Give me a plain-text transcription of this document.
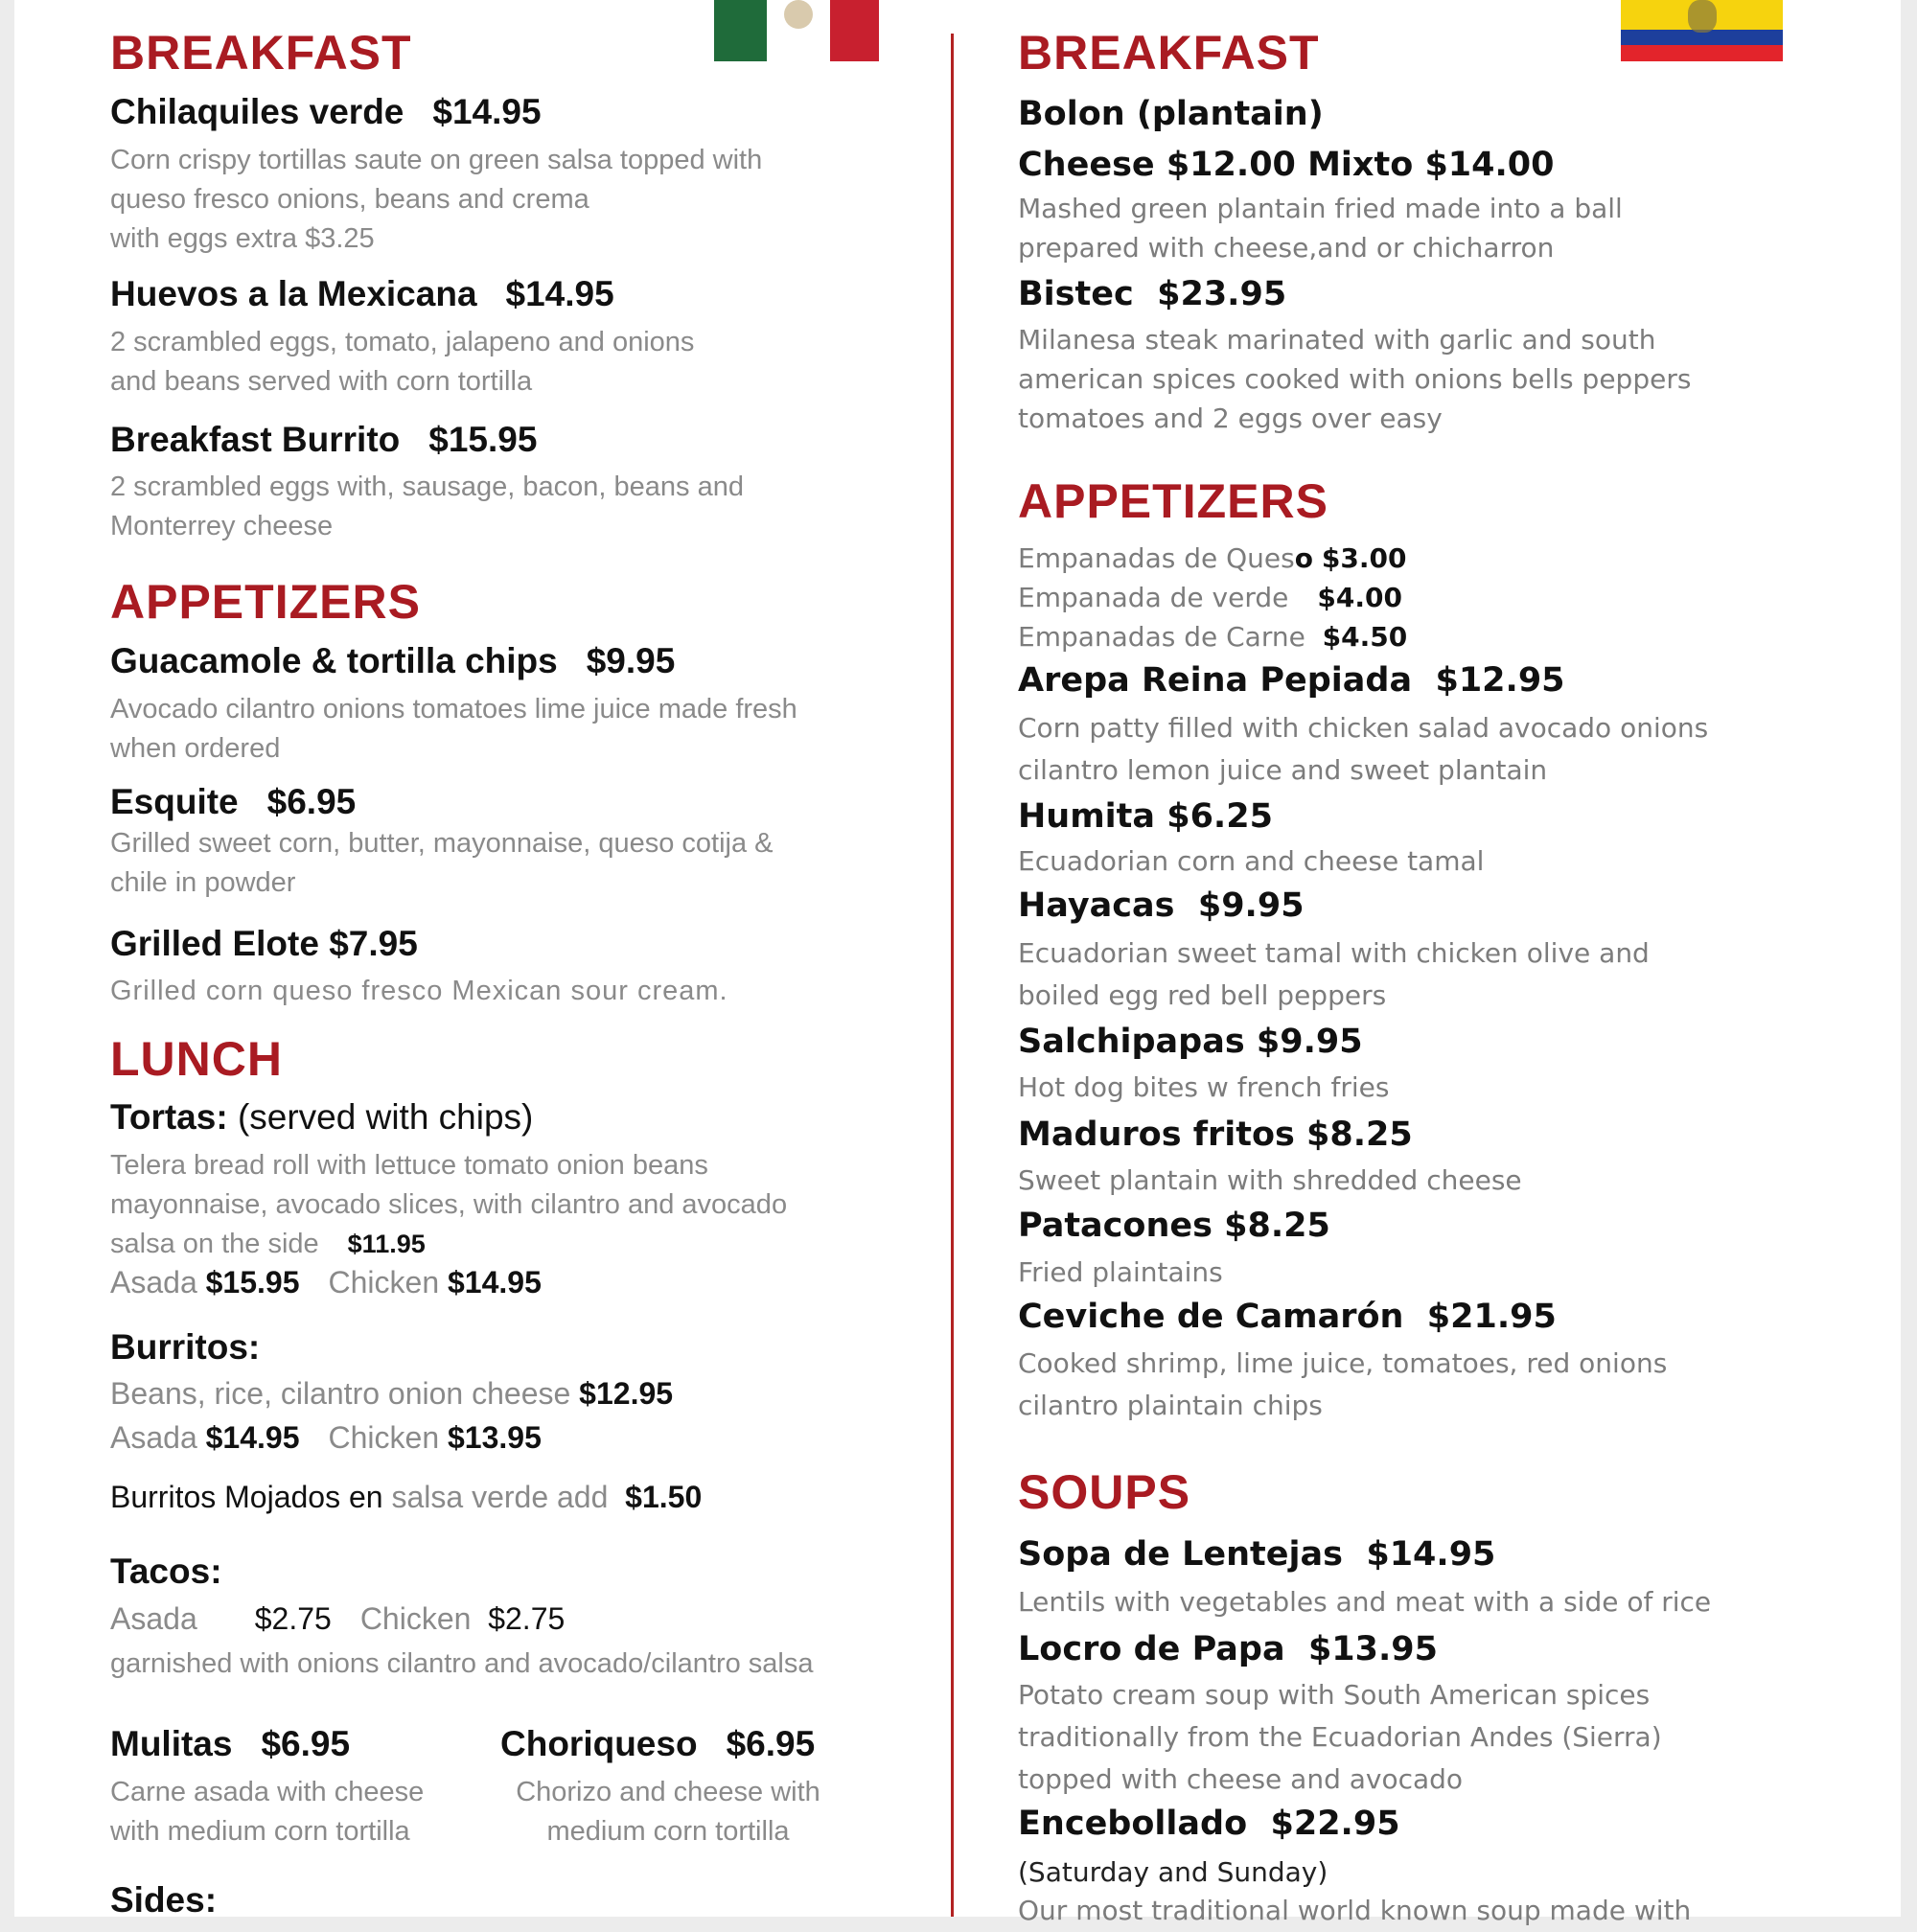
BREAKFAST
Chilaquiles verde $14.95
Corn crispy tortillas saute on green salsa topped with
queso fresco onions, beans and crema
with eggs extra $3.25
Huevos a la Mexicana $14.95
2 scrambled eggs, tomato, jalapeno and onions
and beans served with corn tortilla
Breakfast Burrito $15.95
2 scrambled eggs with, sausage, bacon, beans and
Monterrey cheese
APPETIZERS
Guacamole & tortilla chips $9.95
Avocado cilantro onions tomatoes lime juice made fresh
when ordered
Esquite $6.95
Grilled sweet corn, butter, mayonnaise, queso cotija &
chile in powder
Grilled Elote $7.95
Grilled corn queso fresco Mexican sour cream.
LUNCH
Tortas: (served with chips)
Telera bread roll with lettuce tomato onion beans
mayonnaise, avocado slices, with cilantro and avocado
salsa on the side $11.95
Asada $15.95 Chicken $14.95
Burritos:
Beans, rice, cilantro onion cheese $12.95
Asada $14.95 Chicken $13.95
Burritos Mojados en salsa verde add $1.50
Tacos:
Asada $2.75 Chicken $2.75
garnished with onions cilantro and avocado/cilantro salsa
Mulitas $6.95
Carne asada with cheese
with medium corn tortilla
Choriqueso $6.95
Chorizo and cheese with
medium corn tortilla
Sides:
BREAKFAST
Bolon (plantain)
Cheese $12.00 Mixto $14.00
Mashed green plantain fried made into a ball
prepared with cheese,and or chicharron
Bistec $23.95
Milanesa steak marinated with garlic and south
american spices cooked with onions bells peppers
tomatoes and 2 eggs over easy
APPETIZERS
Empanadas de Queso $3.00
Empanada de verde $4.00
Empanadas de Carne $4.50
Arepa Reina Pepiada $12.95
Corn patty filled with chicken salad avocado onions
cilantro lemon juice and sweet plantain
Humita $6.25
Ecuadorian corn and cheese tamal
Hayacas $9.95
Ecuadorian sweet tamal with chicken olive and
boiled egg red bell peppers
Salchipapas $9.95
Hot dog bites w french fries
Maduros fritos $8.25
Sweet plantain with shredded cheese
Patacones $8.25
Fried plaintains
Ceviche de Camarón $21.95
Cooked shrimp, lime juice, tomatoes, red onions
cilantro plaintain chips
SOUPS
Sopa de Lentejas $14.95
Lentils with vegetables and meat with a side of rice
Locro de Papa $13.95
Potato cream soup with South American spices
traditionally from the Ecuadorian Andes (Sierra)
topped with cheese and avocado
Encebollado $22.95
(Saturday and Sunday)
Our most traditional world known soup made with
